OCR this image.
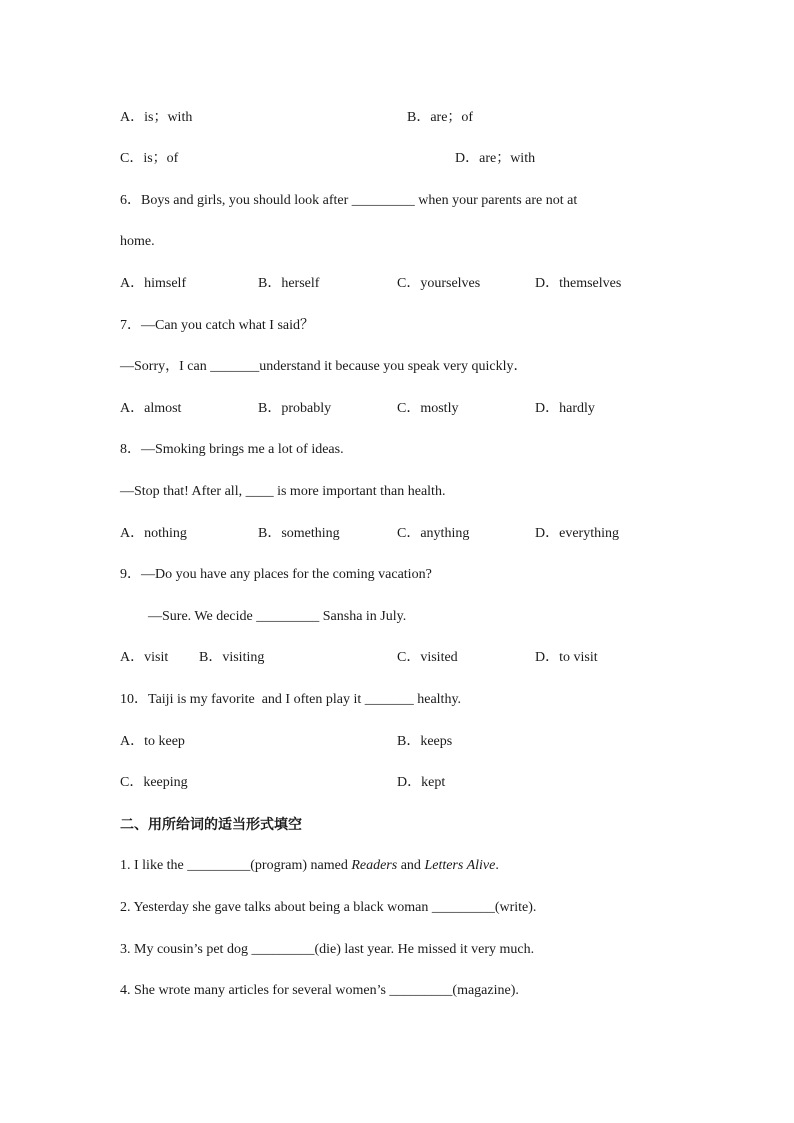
A．is；with	B．are；of
C．is；of	D．are；with
6．Boys and girls, you should look after _________ when your parents are not at
home.
A．himself	B．herself	C．yourselves	D．themselves
7．—Can you catch what I said？
—Sorry，I can _______understand it because you speak very quickly．
A．almost	B．probably	C．mostly	D．hardly
8．—Smoking brings me a lot of ideas.
—Stop that! After all, ____ is more important than health.
A．nothing	B．something	C．anything	D．everything
9．—Do you have any places for the coming vacation?
—Sure. We decide _________ Sansha in July.
A．visit B．visiting	C．visited	D．to visit
10．Taiji is my favorite  and I often play it _______ healthy.
A．to keep	B．keeps
C．keeping	D．kept
二、用所给词的适当形式填空
1. I like the _________(program) named Readers and Letters Alive.
2. Yesterday she gave talks about being a black woman _________(write).
3. My cousin’s pet dog _________(die) last year. He missed it very much.
4. She wrote many articles for several women’s _________(magazine).
